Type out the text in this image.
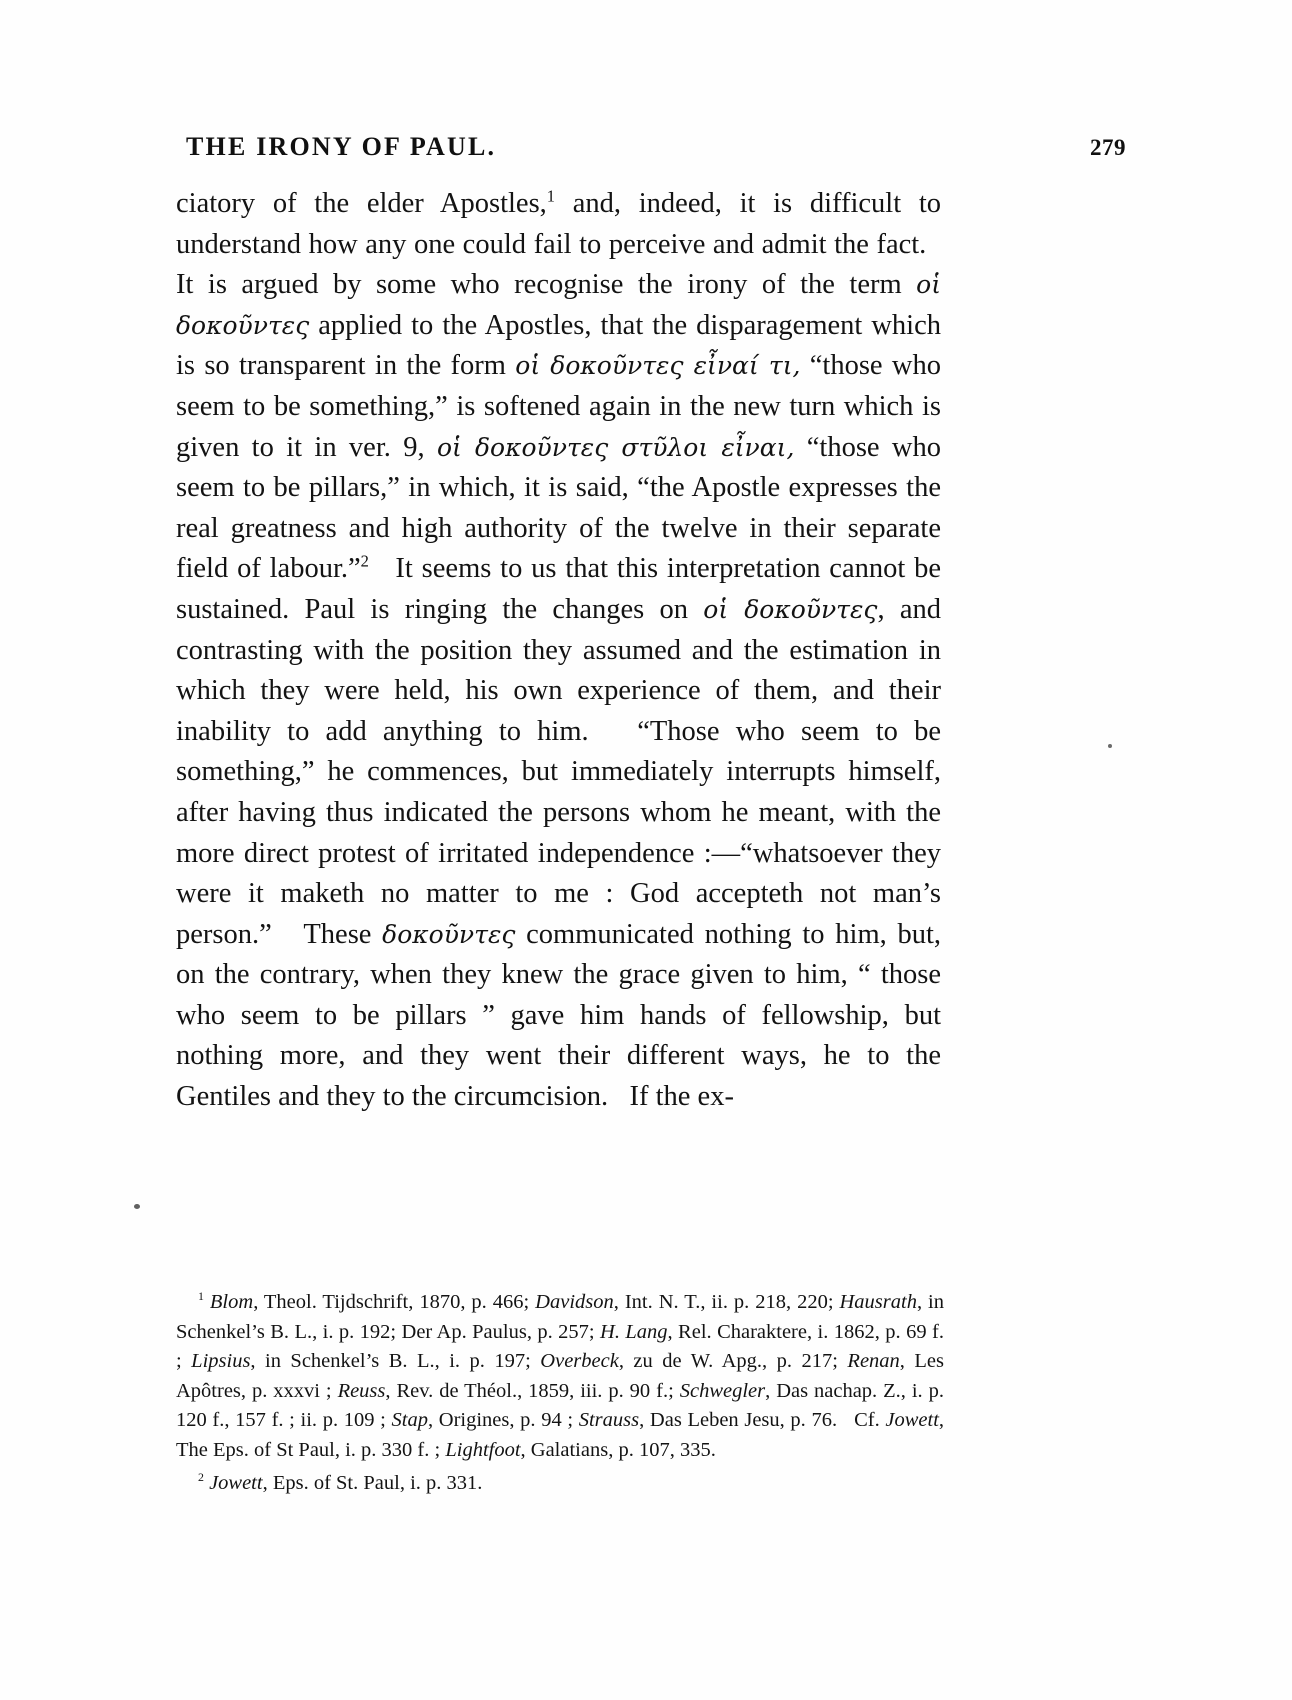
THE IRONY OF PAUL.	279

ciatory of the elder Apostles,$^1$ and, indeed, it is difficult to understand how any one could fail to perceive and admit the fact.   It is argued by some who recognise the irony of the term οἱ δοκοῦντες applied to the Apostles, that the disparagement which is so transparent in the form οἱ δοκοῦντες εἶναί τι, “those who seem to be something,” is softened again in the new turn which is given to it in ver. 9, οἱ δοκοῦντες στῦλοι εἶναι, “those who seem to be pillars,” in which, it is said, “the Apostle expresses the real greatness and high authority of the twelve in their separate field of labour.”$^2$   It seems to us that this interpretation cannot be sustained. Paul is ringing the changes on οἱ δοκοῦντες, and contrasting with the position they assumed and the estimation in which they were held, his own experience of them, and their inability to add anything to him.   “Those who seem to be something,” he commences, but immediately interrupts himself, after having thus indicated the persons whom he meant, with the more direct protest of irritated independence :—“whatsoever they were it maketh no matter to me : God accepteth not man’s person.”   These δοκοῦντες communicated nothing to him, but, on the contrary, when they knew the grace given to him, “ those who seem to be pillars ” gave him hands of fellowship, but nothing more, and they went their different ways, he to the Gentiles and they to the circumcision.   If the ex-

$^1$ Blom, Theol. Tijdschrift, 1870, p. 466; Davidson, Int. N. T., ii. p. 218, 220; Hausrath, in Schenkel’s B. L., i. p. 192; Der Ap. Paulus, p. 257; H. Lang, Rel. Charaktere, i. 1862, p. 69 f. ; Lipsius, in Schenkel’s B. L., i. p. 197; Overbeck, zu de W. Apg., p. 217; Renan, Les Apôtres, p. xxxvi ; Reuss, Rev. de Théol., 1859, iii. p. 90 f.; Schwegler, Das nachap. Z., i. p. 120 f., 157 f. ; ii. p. 109 ; Stap, Origines, p. 94 ; Strauss, Das Leben Jesu, p. 76.   Cf. Jowett, The Eps. of St Paul, i. p. 330 f. ; Lightfoot, Galatians, p. 107, 335.

$^2$ Jowett, Eps. of St. Paul, i. p. 331.
